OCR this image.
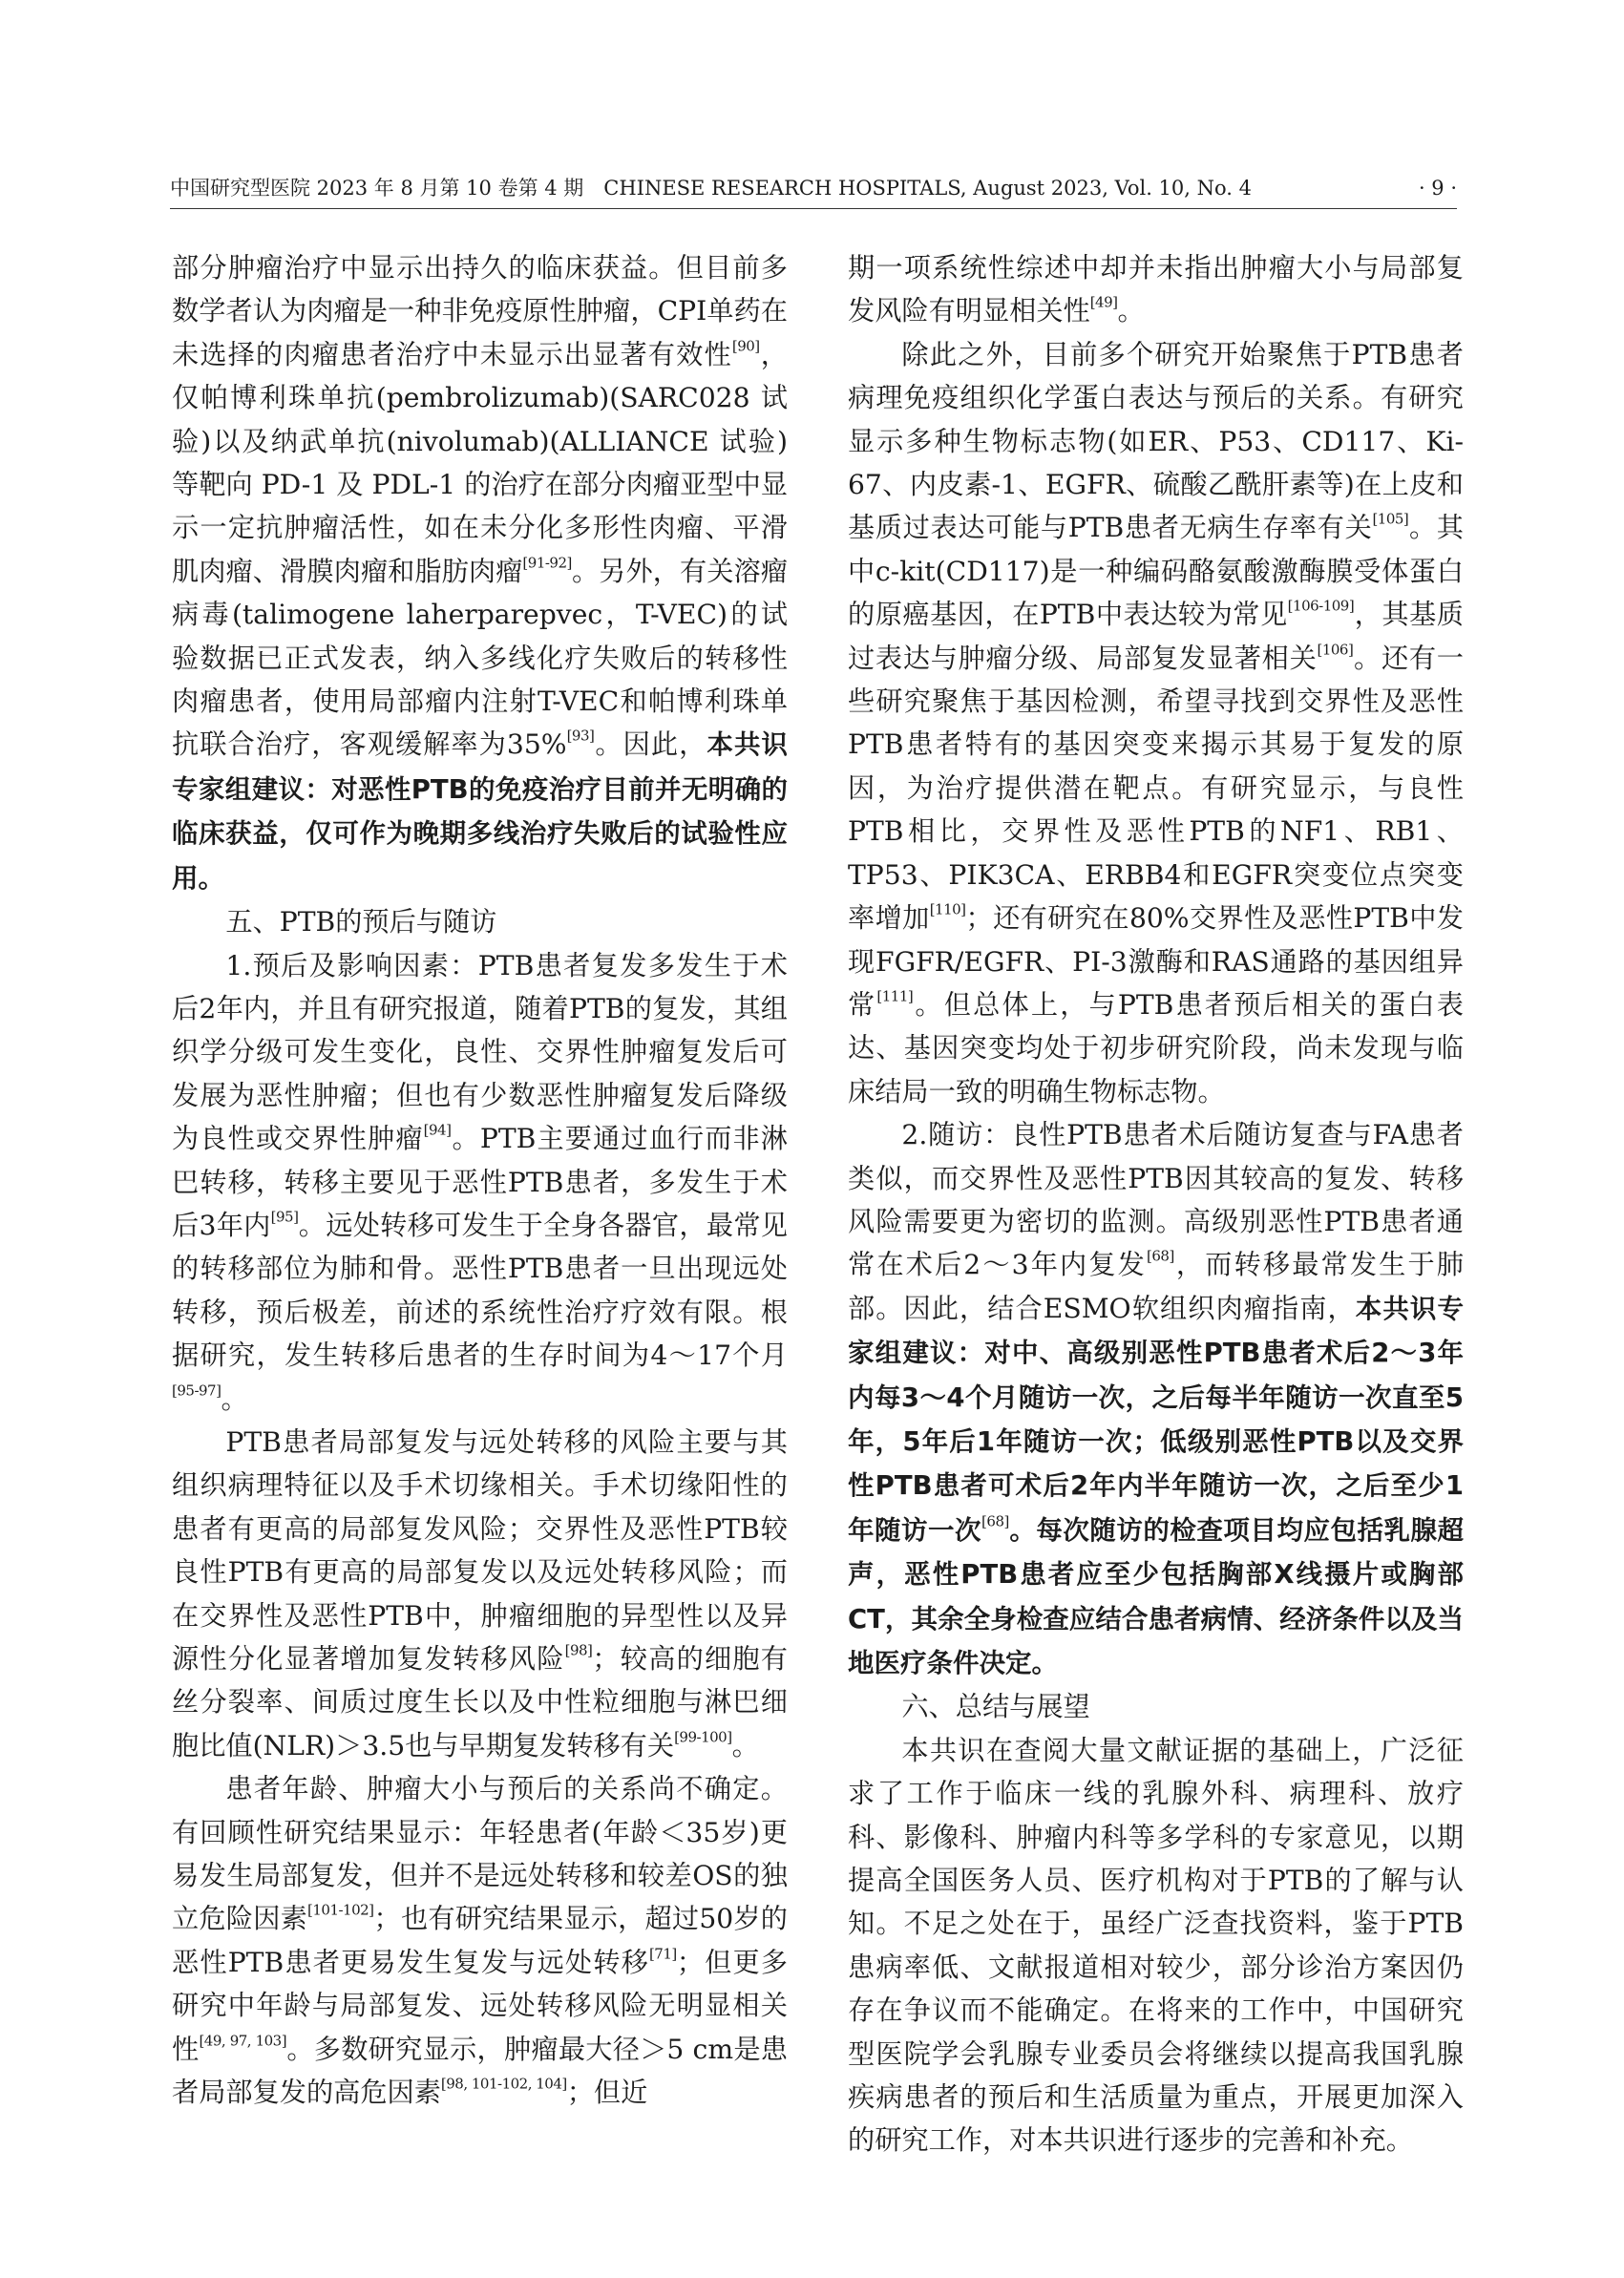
中国研究型医院 2023 年 8 月第 10 卷第 4 期　CHINESE RESEARCH HOSPITALS, August 2023, Vol. 10, No. 4	· 9 ·

部分肿瘤治疗中显示出持久的临床获益。但目前多数学者认为肉瘤是一种非免疫原性肿瘤，CPI单药在未选择的肉瘤患者治疗中未显示出显著有效性[90]，仅帕博利珠单抗(pembrolizumab)(SARC028 试验)以及纳武单抗(nivolumab)(ALLIANCE 试验)等靶向 PD-1 及 PDL-1 的治疗在部分肉瘤亚型中显示一定抗肿瘤活性，如在未分化多形性肉瘤、平滑肌肉瘤、滑膜肉瘤和脂肪肉瘤[91-92]。另外，有关溶瘤病毒(talimogene laherparepvec，T-VEC)的试验数据已正式发表，纳入多线化疗失败后的转移性肉瘤患者，使用局部瘤内注射T-VEC和帕博利珠单抗联合治疗，客观缓解率为35%[93]。因此，本共识专家组建议：对恶性PTB的免疫治疗目前并无明确的临床获益，仅可作为晚期多线治疗失败后的试验性应用。

五、PTB的预后与随访

1.预后及影响因素：PTB患者复发多发生于术后2年内，并且有研究报道，随着PTB的复发，其组织学分级可发生变化，良性、交界性肿瘤复发后可发展为恶性肿瘤；但也有少数恶性肿瘤复发后降级为良性或交界性肿瘤[94]。PTB主要通过血行而非淋巴转移，转移主要见于恶性PTB患者，多发生于术后3年内[95]。远处转移可发生于全身各器官，最常见的转移部位为肺和骨。恶性PTB患者一旦出现远处转移，预后极差，前述的系统性治疗疗效有限。根据研究，发生转移后患者的生存时间为4～17个月[95-97]。

PTB患者局部复发与远处转移的风险主要与其组织病理特征以及手术切缘相关。手术切缘阳性的患者有更高的局部复发风险；交界性及恶性PTB较良性PTB有更高的局部复发以及远处转移风险；而在交界性及恶性PTB中，肿瘤细胞的异型性以及异源性分化显著增加复发转移风险[98]；较高的细胞有丝分裂率、间质过度生长以及中性粒细胞与淋巴细胞比值(NLR)＞3.5也与早期复发转移有关[99-100]。

患者年龄、肿瘤大小与预后的关系尚不确定。有回顾性研究结果显示：年轻患者(年龄＜35岁)更易发生局部复发，但并不是远处转移和较差OS的独立危险因素[101-102]；也有研究结果显示，超过50岁的恶性PTB患者更易发生复发与远处转移[71]；但更多研究中年龄与局部复发、远处转移风险无明显相关性[49, 97, 103]。多数研究显示，肿瘤最大径＞5 cm是患者局部复发的高危因素[98, 101-102, 104]；但近

期一项系统性综述中却并未指出肿瘤大小与局部复发风险有明显相关性[49]。

除此之外，目前多个研究开始聚焦于PTB患者病理免疫组织化学蛋白表达与预后的关系。有研究显示多种生物标志物(如ER、P53、CD117、Ki-67、内皮素-1、EGFR、硫酸乙酰肝素等)在上皮和基质过表达可能与PTB患者无病生存率有关[105]。其中c-kit(CD117)是一种编码酪氨酸激酶膜受体蛋白的原癌基因，在PTB中表达较为常见[106-109]，其基质过表达与肿瘤分级、局部复发显著相关[106]。还有一些研究聚焦于基因检测，希望寻找到交界性及恶性PTB患者特有的基因突变来揭示其易于复发的原因，为治疗提供潜在靶点。有研究显示，与良性PTB相比，交界性及恶性PTB的NF1、RB1、TP53、PIK3CA、ERBB4和EGFR突变位点突变率增加[110]；还有研究在80%交界性及恶性PTB中发现FGFR/EGFR、PI-3激酶和RAS通路的基因组异常[111]。但总体上，与PTB患者预后相关的蛋白表达、基因突变均处于初步研究阶段，尚未发现与临床结局一致的明确生物标志物。

2.随访：良性PTB患者术后随访复查与FA患者类似，而交界性及恶性PTB因其较高的复发、转移风险需要更为密切的监测。高级别恶性PTB患者通常在术后2～3年内复发[68]，而转移最常发生于肺部。因此，结合ESMO软组织肉瘤指南，本共识专家组建议：对中、高级别恶性PTB患者术后2～3年内每3～4个月随访一次，之后每半年随访一次直至5年，5年后1年随访一次；低级别恶性PTB以及交界性PTB患者可术后2年内半年随访一次，之后至少1年随访一次[68]。每次随访的检查项目均应包括乳腺超声，恶性PTB患者应至少包括胸部X线摄片或胸部CT，其余全身检查应结合患者病情、经济条件以及当地医疗条件决定。

六、总结与展望

本共识在查阅大量文献证据的基础上，广泛征求了工作于临床一线的乳腺外科、病理科、放疗科、影像科、肿瘤内科等多学科的专家意见，以期提高全国医务人员、医疗机构对于PTB的了解与认知。不足之处在于，虽经广泛查找资料，鉴于PTB患病率低、文献报道相对较少，部分诊治方案因仍存在争议而不能确定。在将来的工作中，中国研究型医院学会乳腺专业委员会将继续以提高我国乳腺疾病患者的预后和生活质量为重点，开展更加深入的研究工作，对本共识进行逐步的完善和补充。
